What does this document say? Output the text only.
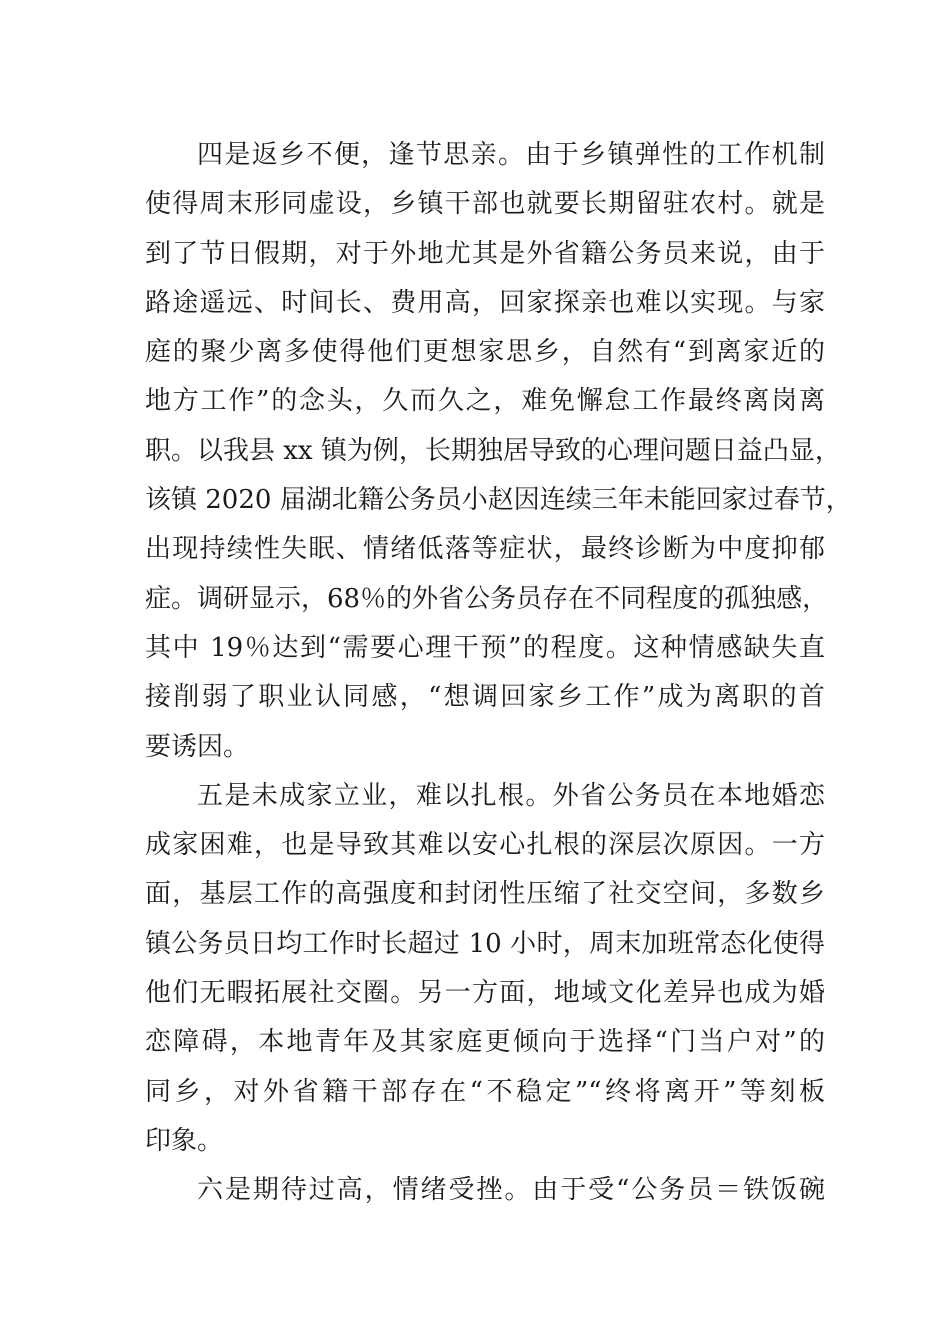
四是返乡不便，逢节思亲。由于乡镇弹性的工作机制
使得周末形同虚设，乡镇干部也就要长期留驻农村。就是
到了节日假期，对于外地尤其是外省籍公务员来说，由于
路途遥远、时间长、费用高，回家探亲也难以实现。与家
庭的聚少离多使得他们更想家思乡，自然有“到离家近的
地方工作”的念头，久而久之，难免懈怠工作最终离岗离
职。以我县 xx 镇为例，长期独居导致的心理问题日益凸显，
该镇 2020 届湖北籍公务员小赵因连续三年未能回家过春节，
出现持续性失眠、情绪低落等症状，最终诊断为中度抑郁
症。调研显示，68％的外省公务员存在不同程度的孤独感，
其中 19％达到“需要心理干预”的程度。这种情感缺失直
接削弱了职业认同感，“想调回家乡工作”成为离职的首
要诱因。
五是未成家立业，难以扎根。外省公务员在本地婚恋
成家困难，也是导致其难以安心扎根的深层次原因。一方
面，基层工作的高强度和封闭性压缩了社交空间，多数乡
镇公务员日均工作时长超过 10 小时，周末加班常态化使得
他们无暇拓展社交圈。另一方面，地域文化差异也成为婚
恋障碍，本地青年及其家庭更倾向于选择“门当户对”的
同乡，对外省籍干部存在“不稳定”“终将离开”等刻板
印象。
六是期待过高，情绪受挫。由于受“公务员＝铁饭碗
